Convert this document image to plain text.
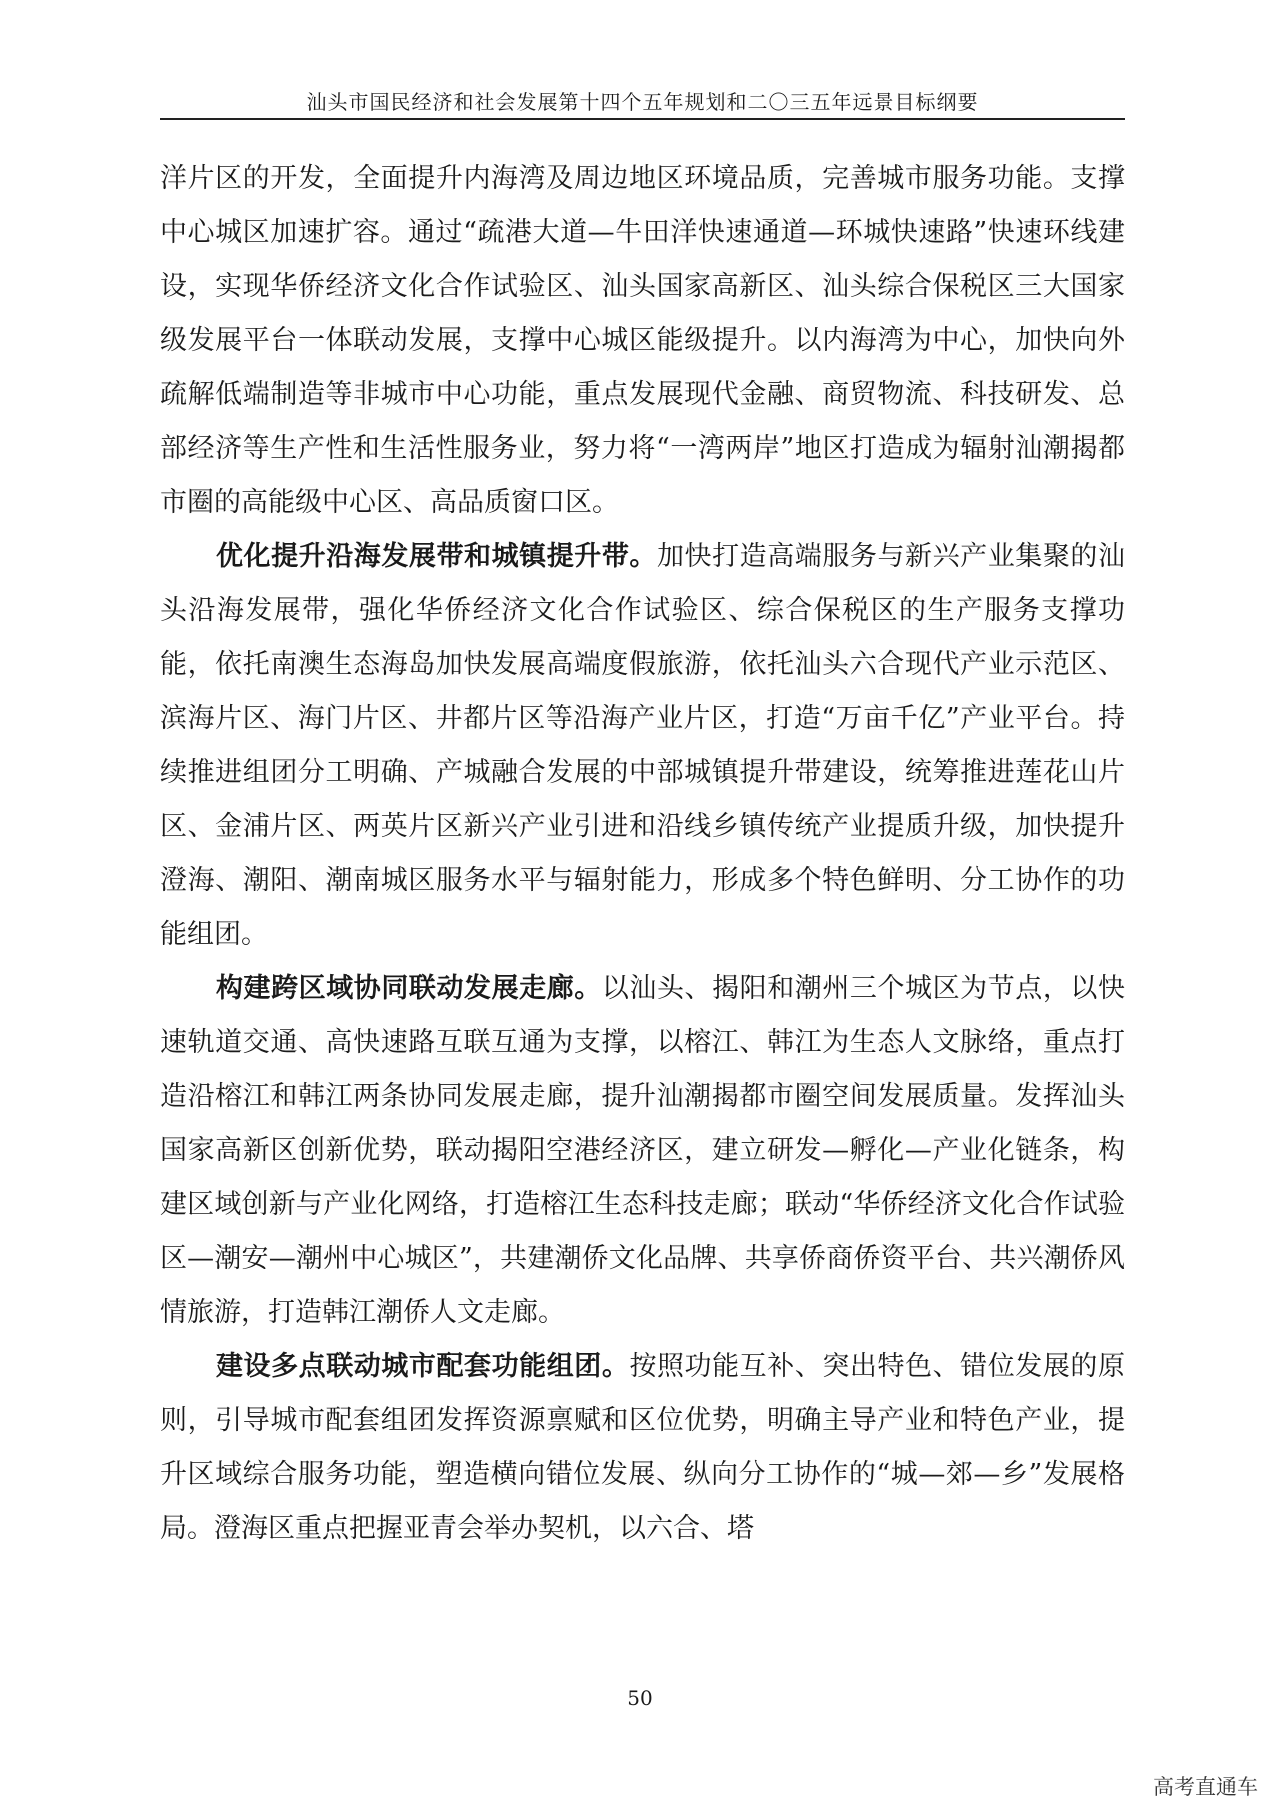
汕头市国民经济和社会发展第十四个五年规划和二〇三五年远景目标纲要

洋片区的开发，全面提升内海湾及周边地区环境品质，完善城市服务功能。支撑中心城区加速扩容。通过“疏港大道—牛田洋快速通道—环城快速路”快速环线建设，实现华侨经济文化合作试验区、汕头国家高新区、汕头综合保税区三大国家级发展平台一体联动发展，支撑中心城区能级提升。以内海湾为中心，加快向外疏解低端制造等非城市中心功能，重点发展现代金融、商贸物流、科技研发、总部经济等生产性和生活性服务业，努力将“一湾两岸”地区打造成为辐射汕潮揭都市圈的高能级中心区、高品质窗口区。

优化提升沿海发展带和城镇提升带。加快打造高端服务与新兴产业集聚的汕头沿海发展带，强化华侨经济文化合作试验区、综合保税区的生产服务支撑功能，依托南澳生态海岛加快发展高端度假旅游，依托汕头六合现代产业示范区、滨海片区、海门片区、井都片区等沿海产业片区，打造“万亩千亿”产业平台。持续推进组团分工明确、产城融合发展的中部城镇提升带建设，统筹推进莲花山片区、金浦片区、两英片区新兴产业引进和沿线乡镇传统产业提质升级，加快提升澄海、潮阳、潮南城区服务水平与辐射能力，形成多个特色鲜明、分工协作的功能组团。

构建跨区域协同联动发展走廊。以汕头、揭阳和潮州三个城区为节点，以快速轨道交通、高快速路互联互通为支撑，以榕江、韩江为生态人文脉络，重点打造沿榕江和韩江两条协同发展走廊，提升汕潮揭都市圈空间发展质量。发挥汕头国家高新区创新优势，联动揭阳空港经济区，建立研发—孵化—产业化链条，构建区域创新与产业化网络，打造榕江生态科技走廊；联动“华侨经济文化合作试验区—潮安—潮州中心城区”，共建潮侨文化品牌、共享侨商侨资平台、共兴潮侨风情旅游，打造韩江潮侨人文走廊。

建设多点联动城市配套功能组团。按照功能互补、突出特色、错位发展的原则，引导城市配套组团发挥资源禀赋和区位优势，明确主导产业和特色产业，提升区域综合服务功能，塑造横向错位发展、纵向分工协作的“城—郊—乡”发展格局。澄海区重点把握亚青会举办契机，以六合、塔

50
高考直通车
